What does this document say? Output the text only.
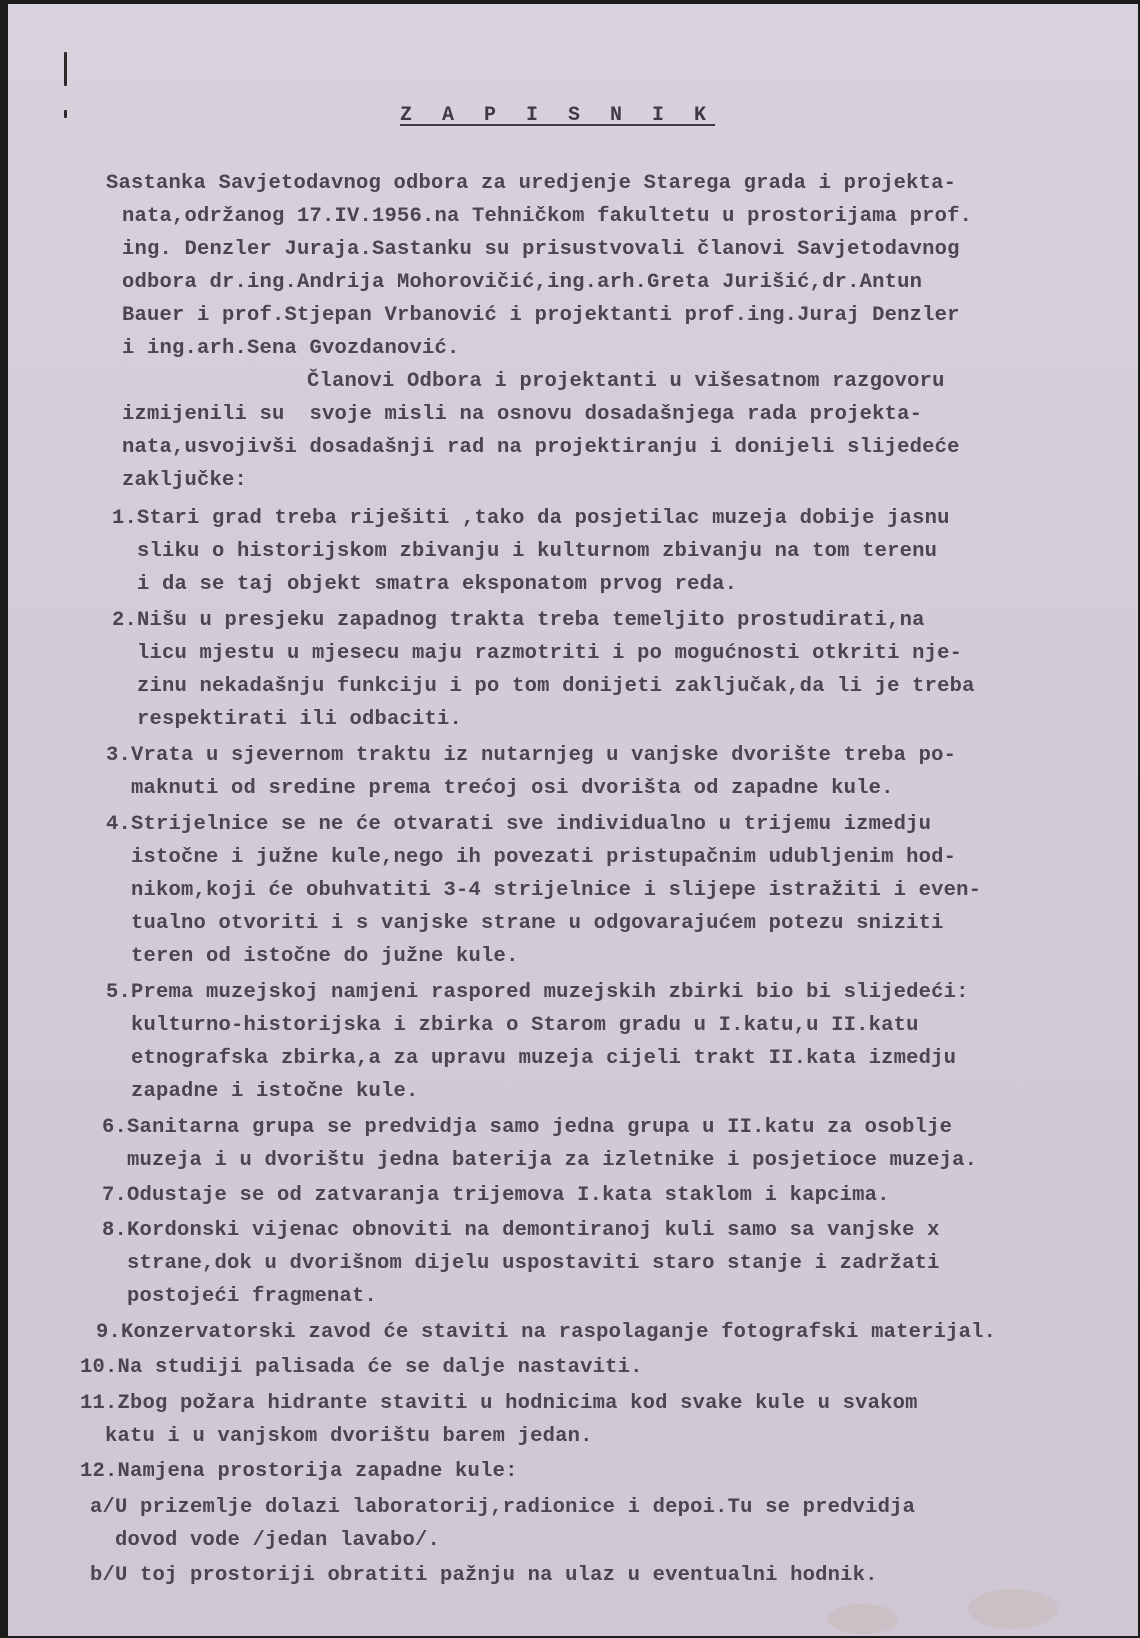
Z A P I S N I K
Sastanka Savjetodavnog odbora za uredjenje Starega grada i projekta-
nata,održanog 17.IV.1956.na Tehničkom fakultetu u prostorijama prof.
ing. Denzler Juraja.Sastanku su prisustvovali članovi Savjetodavnog
odbora dr.ing.Andrija Mohorovičić,ing.arh.Greta Jurišić,dr.Antun
Bauer i prof.Stjepan Vrbanović i projektanti prof.ing.Juraj Denzler
i ing.arh.Sena Gvozdanović.
Članovi Odbora i projektanti u višesatnom razgovoru
izmijenili su  svoje misli na osnovu dosadašnjega rada projekta-
nata,usvojivši dosadašnji rad na projektiranju i donijeli slijedeće
zaključke:
1.Stari grad treba riješiti ,tako da posjetilac muzeja dobije jasnu
sliku o historijskom zbivanju i kulturnom zbivanju na tom terenu
i da se taj objekt smatra eksponatom prvog reda.
2.Nišu u presjeku zapadnog trakta treba temeljito prostudirati,na
licu mjestu u mjesecu maju razmotriti i po mogućnosti otkriti nje-
zinu nekadašnju funkciju i po tom donijeti zaključak,da li je treba
respektirati ili odbaciti.
3.Vrata u sjevernom traktu iz nutarnjeg u vanjske dvorište treba po-
maknuti od sredine prema trećoj osi dvorišta od zapadne kule.
4.Strijelnice se ne će otvarati sve individualno u trijemu izmedju
istočne i južne kule,nego ih povezati pristupačnim udubljenim hod-
nikom,koji će obuhvatiti 3-4 strijelnice i slijepe istražiti i even-
tualno otvoriti i s vanjske strane u odgovarajućem potezu sniziti
teren od istočne do južne kule.
5.Prema muzejskoj namjeni raspored muzejskih zbirki bio bi slijedeći:
kulturno-historijska i zbirka o Starom gradu u I.katu,u II.katu
etnografska zbirka,a za upravu muzeja cijeli trakt II.kata izmedju
zapadne i istočne kule.
6.Sanitarna grupa se predvidja samo jedna grupa u II.katu za osoblje
muzeja i u dvorištu jedna baterija za izletnike i posjetioce muzeja.
7.Odustaje se od zatvaranja trijemova I.kata staklom i kapcima.
8.Kordonski vijenac obnoviti na demontiranoj kuli samo sa vanjske x
strane,dok u dvorišnom dijelu uspostaviti staro stanje i zadržati
postojeći fragmenat.
9.Konzervatorski zavod će staviti na raspolaganje fotografski materijal.
10.Na studiji palisada će se dalje nastaviti.
11.Zbog požara hidrante staviti u hodnicima kod svake kule u svakom
katu i u vanjskom dvorištu barem jedan.
12.Namjena prostorija zapadne kule:
a/U prizemlje dolazi laboratorij,radionice i depoi.Tu se predvidja
dovod vode /jedan lavabo/.
b/U toj prostoriji obratiti pažnju na ulaz u eventualni hodnik.
